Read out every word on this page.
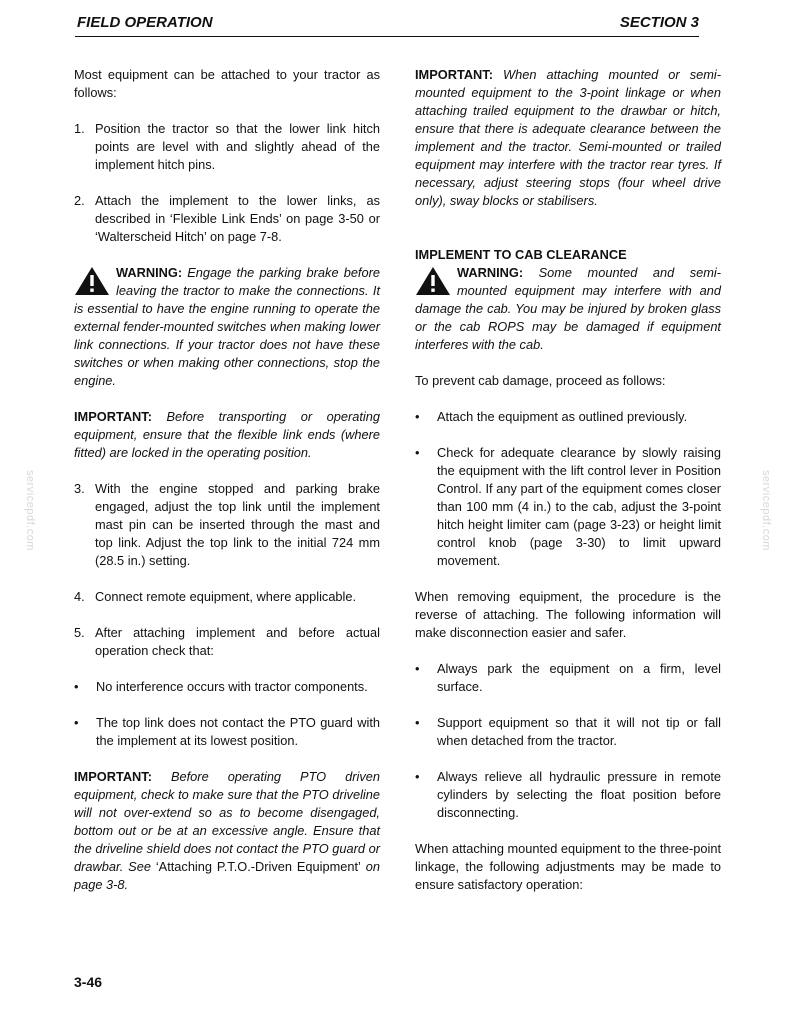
FIELD OPERATION	SECTION 3
servicepdf.com	servicepdf.com

Most equipment can be attached to your tractor as follows:

1. Position the tractor so that the lower link hitch points are level with and slightly ahead of the implement hitch pins.
2. Attach the implement to the lower links, as described in ‘Flexible Link Ends’ on page 3-50 or ‘Walterscheid Hitch’ on page 7-8.
WARNING: Engage the parking brake before leaving the tractor to make the connections. It is essential to have the engine running to operate the external fender-mounted switches when making lower link connections. If your tractor does not have these switches or when making other connections, stop the engine.

IMPORTANT: Before transporting or operating equipment, ensure that the flexible link ends (where fitted) are locked in the operating position.

3. With the engine stopped and parking brake engaged, adjust the top link until the implement mast pin can be inserted through the mast and top link. Adjust the top link to the initial 724 mm (28.5 in.) setting.
4. Connect remote equipment, where applicable.
5. After attaching implement and before actual operation check that:
• No interference occurs with tractor components.
• The top link does not contact the PTO guard with the implement at its lowest position.

IMPORTANT: Before operating PTO driven equipment, check to make sure that the PTO driveline will not over-extend so as to become disengaged, bottom out or be at an excessive angle. Ensure that the driveline shield does not contact the PTO guard or drawbar. See ‘Attaching P.T.O.-Driven Equipment’ on page 3-8.

IMPORTANT: When attaching mounted or semi-mounted equipment to the 3-point linkage or when attaching trailed equipment to the drawbar or hitch, ensure that there is adequate clearance between the implement and the tractor. Semi-mounted or trailed equipment may interfere with the tractor rear tyres. If necessary, adjust steering stops (four wheel drive only), sway blocks or stabilisers.

IMPLEMENT TO CAB CLEARANCE

WARNING: Some mounted and semi-mounted equipment may interfere with and damage the cab. You may be injured by broken glass or the cab ROPS may be damaged if equipment interferes with the cab.

To prevent cab damage, proceed as follows:

• Attach the equipment as outlined previously.
• Check for adequate clearance by slowly raising the equipment with the lift control lever in Position Control. If any part of the equipment comes closer than 100 mm (4 in.) to the cab, adjust the 3-point hitch height limiter cam (page 3-23) or height limit control knob (page 3-30) to limit upward movement.

When removing equipment, the procedure is the reverse of attaching. The following information will make disconnection easier and safer.

• Always park the equipment on a firm, level surface.
• Support equipment so that it will not tip or fall when detached from the tractor.
• Always relieve all hydraulic pressure in remote cylinders by selecting the float position before disconnecting.

When attaching mounted equipment to the three-point linkage, the following adjustments may be made to ensure satisfactory operation:

3-46
